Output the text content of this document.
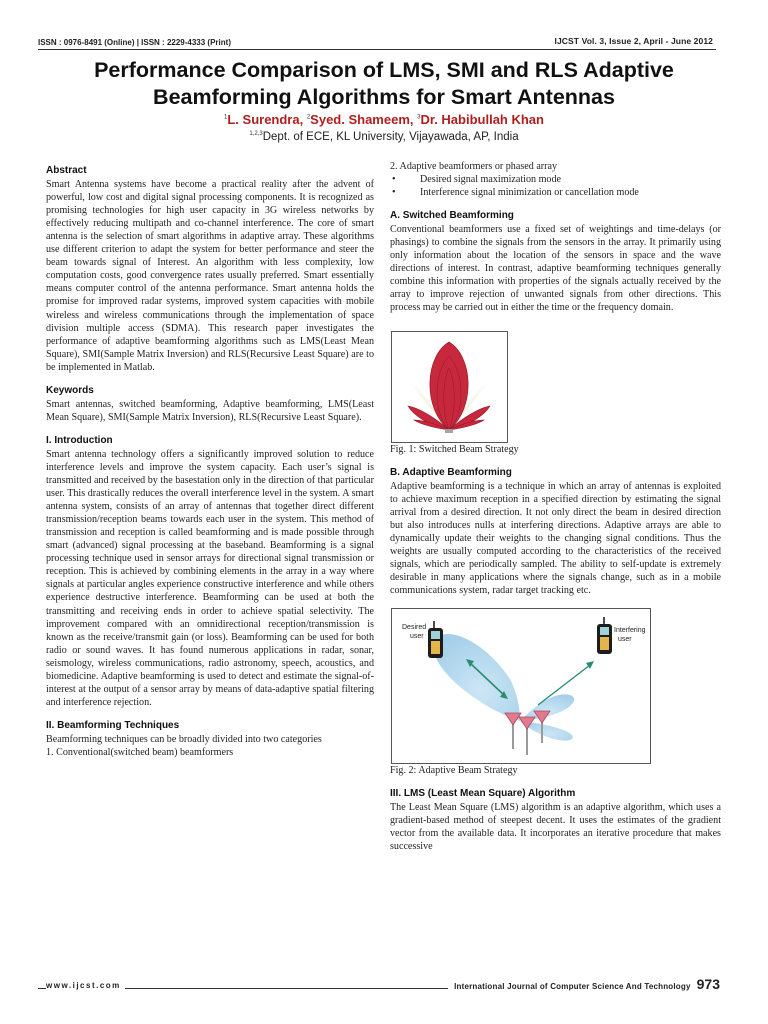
ISSN : 0976-8491 (Online) | ISSN : 2229-4333 (Print)	IJCST Vol. 3, Issue 2, April - June 2012
Performance Comparison of LMS, SMI and RLS Adaptive Beamforming Algorithms for Smart Antennas
$^1$L. Surendra, $^2$Syed. Shameem, $^3$Dr. Habibullah Khan
$^{1,2,3}$Dept. of ECE, KL University, Vijayawada, AP, India
Abstract

Smart Antenna systems have become a practical reality after the advent of powerful, low cost and digital signal processing components. It is recognized as promising technologies for high user capacity in 3G wireless networks by effectively reducing multipath and co-channel interference. The core of smart antenna is the selection of smart algorithms in adaptive array. These algorithms use different criterion to adapt the system for better performance and steer the beam towards signal of Interest. An algorithm with less complexity, low computation costs, good convergence rates usually preferred. Smart essentially means computer control of the antenna performance. Smart antenna holds the promise for improved radar systems, improved system capacities with mobile wireless and wireless communications through the implementation of space division multiple access (SDMA). This research paper investigates the performance of adaptive beamforming algorithms such as LMS(Least Mean Square), SMI(Sample Matrix Inversion) and RLS(Recursive Least Square) are to be implemented in Matlab.

Keywords

Smart antennas, switched beamforming, Adaptive beamforming, LMS(Least Mean Square), SMI(Sample Matrix Inversion), RLS(Recursive Least Square).

I. Introduction

Smart antenna technology offers a significantly improved solution to reduce interference levels and improve the system capacity. Each user’s signal is transmitted and received by the basestation only in the direction of that particular user. This drastically reduces the overall interference level in the system. A smart antenna system, consists of an array of antennas that together direct different transmission/reception beams towards each user in the system. This method of transmission and reception is called beamforming and is made possible through smart (advanced) signal processing at the baseband. Beamforming is a signal processing technique used in sensor arrays for directional signal transmission or reception. This is achieved by combining elements in the array in a way where signals at particular angles experience constructive interference and while others experience destructive interference. Beamforming can be used at both the transmitting and receiving ends in order to achieve spatial selectivity. The improvement compared with an omnidirectional reception/transmission is known as the receive/transmit gain (or loss). Beamforming can be used for both radio or sound waves. It has found numerous applications in radar, sonar, seismology, wireless communications, radio astronomy, speech, acoustics, and biomedicine. Adaptive beamforming is used to detect and estimate the signal-of-interest at the output of a sensor array by means of data-adaptive spatial filtering and interference rejection.

II. Beamforming Techniques

Beamforming techniques can be broadly divided into two categories

1. Conventional(switched beam) beamformers

2. Adaptive beamformers or phased array

•	Desired signal maximization mode
•	Interference signal minimization or cancellation mode
A. Switched Beamforming

Conventional beamformers use a fixed set of weightings and time-delays (or phasings) to combine the signals from the sensors in the array. It primarily using only information about the location of the sensors in space and the wave directions of interest. In contrast, adaptive beamforming techniques generally combine this information with properties of the signals actually received by the array to improve rejection of unwanted signals from other directions. This process may be carried out in either the time or the frequency domain.

Fig. 1: Switched Beam Strategy

B. Adaptive Beamforming

Adaptive beamforming is a technique in which an array of antennas is exploited to achieve maximum reception in a specified direction by estimating the signal arrival from a desired direction. It not only direct the beam in desired direction but also introduces nulls at interfering directions. Adaptive arrays are able to dynamically update their weights to the changing signal conditions. Thus the weights are usually computed according to the characteristics of the received signals, which are periodically sampled. The ability to self-update is extremely desirable in many applications where the signals change, such as in a mobile communications system, radar target tracking etc.

Desired
user
Interfering
user

Fig. 2: Adaptive Beam Strategy

III. LMS (Least Mean Square) Algorithm

The Least Mean Square (LMS) algorithm is an adaptive algorithm, which uses a gradient-based method of steepest decent. It uses the estimates of the gradient vector from the available data. It incorporates an iterative procedure that makes successive

www.ijcst.com	International Journal of Computer Science And Technology 973
